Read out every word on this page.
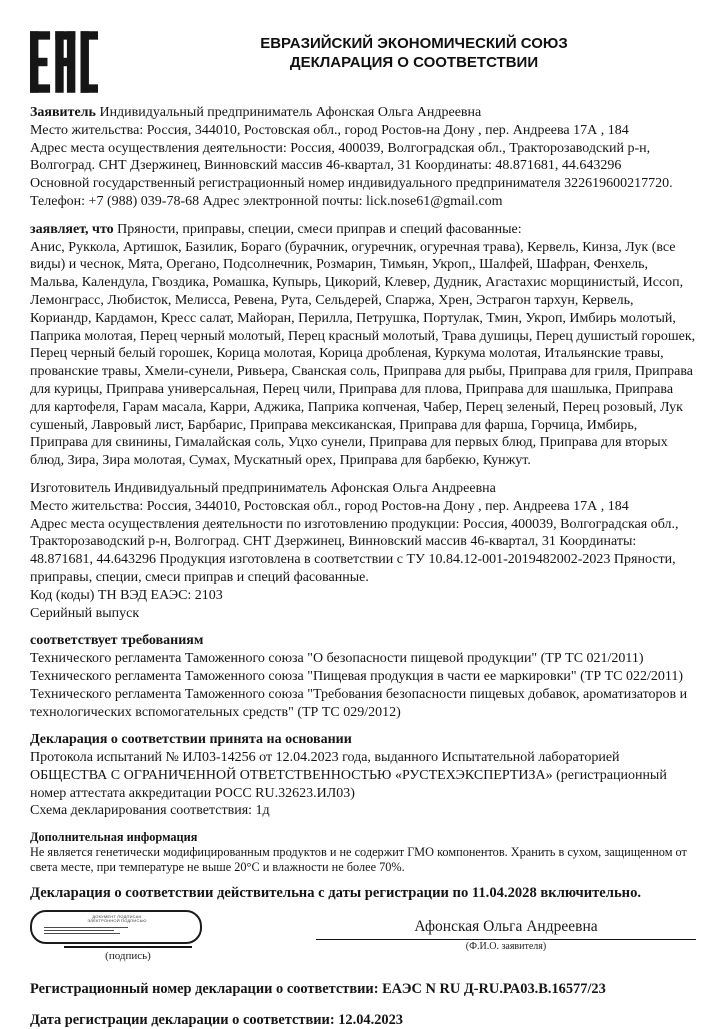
ЕВРАЗИЙСКИЙ ЭКОНОМИЧЕСКИЙ СОЮЗ
ДЕКЛАРАЦИЯ О СООТВЕТСТВИИ
Заявитель Индивидуальный предприниматель Афонская Ольга Андреевна
Место жительства: Россия, 344010, Ростовская обл., город Ростов-на Дону , пер. Андреева 17А , 184
Адрес места осуществления деятельности: Россия, 400039, Волгоградская обл., Тракторозаводский р-н, Волгоград. СНТ Дзержинец, Винновский массив 46-квартал, 31 Координаты: 48.871681, 44.643296
Основной государственный регистрационный номер индивидуального предпринимателя 322619600217720.
Телефон: +7 (988) 039-78-68 Адрес электронной почты: lick.nose61@gmail.com
заявляет, что Пряности, приправы, специи, смеси приправ и специй фасованные:
Анис, Руккола, Артишок, Базилик, Бораго (бурачник, огуречник, огуречная трава), Кервель, Кинза, Лук (все виды) и чеснок, Мята, Орегано, Подсолнечник, Розмарин, Тимьян, Укроп,, Шалфей, Шафран, Фенхель, Мальва, Календула, Гвоздика, Ромашка, Купырь, Цикорий, Клевер, Дудник, Агастахис морщинистый, Иссоп, Лемонграсс, Любисток, Мелисса, Ревена, Рута, Сельдерей, Спаржа, Хрен, Эстрагон тархун, Кервель, Кориандр, Кардамон, Кресс салат, Майоран, Перилла, Петрушка, Портулак, Тмин, Укроп, Имбирь молотый, Паприка молотая, Перец черный молотый, Перец красный молотый, Трава душицы, Перец душистый горошек, Перец черный белый горошек, Корица молотая, Корица дробленая, Куркума молотая, Итальянские травы, прованские травы, Хмели-сунели, Ривьера, Сванская соль, Приправа для рыбы, Приправа для гриля, Приправа для курицы, Приправа универсальная, Перец чили, Приправа для плова, Приправа для шашлыка, Приправа для картофеля, Гарам масала, Карри, Аджика, Паприка копченая, Чабер, Перец зеленый, Перец розовый, Лук сушеный, Лавровый лист, Барбарис, Приправа мексиканская, Приправа для фарша, Горчица, Имбирь, Приправа для свинины, Гималайская соль, Уцхо сунели, Приправа для первых блюд, Приправа для вторых блюд, Зира, Зира молотая, Сумах, Мускатный орех, Приправа для барбекю, Кунжут.
Изготовитель Индивидуальный предприниматель Афонская Ольга Андреевна
Место жительства: Россия, 344010, Ростовская обл., город Ростов-на Дону , пер. Андреева 17А , 184
Адрес места осуществления деятельности по изготовлению продукции: Россия, 400039, Волгоградская обл., Тракторозаводский р-н, Волгоград. СНТ Дзержинец, Винновский массив 46-квартал, 31 Координаты: 48.871681, 44.643296 Продукция изготовлена в соответствии с ТУ 10.84.12-001-2019482002-2023 Пряности, приправы, специи, смеси приправ и специй фасованные.
Код (коды) ТН ВЭД ЕАЭС: 2103
Серийный выпуск
соответствует требованиям
Технического регламента Таможенного союза "О безопасности пищевой продукции" (ТР ТС 021/2011)
Технического регламента Таможенного союза "Пищевая продукция в части ее маркировки" (ТР ТС 022/2011)
Технического регламента Таможенного союза "Требования безопасности пищевых добавок, ароматизаторов и технологических вспомогательных средств" (ТР ТС 029/2012)
Декларация о соответствии принята на основании
Протокола испытаний № ИЛ03-14256 от 12.04.2023 года, выданного Испытательной лабораторией ОБЩЕСТВА С ОГРАНИЧЕННОЙ ОТВЕТСТВЕННОСТЬЮ «РУСТЕХЭКСПЕРТИЗА» (регистрационный номер аттестата аккредитации РОСС RU.32623.ИЛ03)
Схема декларирования соответствия: 1д
Дополнительная информация
Не является генетически модифицированным продуктов и не содержит ГМО компонентов. Хранить в сухом, защищенном от света месте, при температуре не выше 20°С и влажности не более 70%.
Декларация о соответствии действительна с даты регистрации по 11.04.2028 включительно.
ДОКУМЕНТ ПОДПИСАН
ЭЛЕКТРОННОЙ ПОДПИСЬЮ
(подпись)
Афонская Ольга Андреевна
(Ф.И.О. заявителя)
Регистрационный номер декларации о соответствии: ЕАЭС N RU Д-RU.РА03.В.16577/23
Дата регистрации декларации о соответствии: 12.04.2023
